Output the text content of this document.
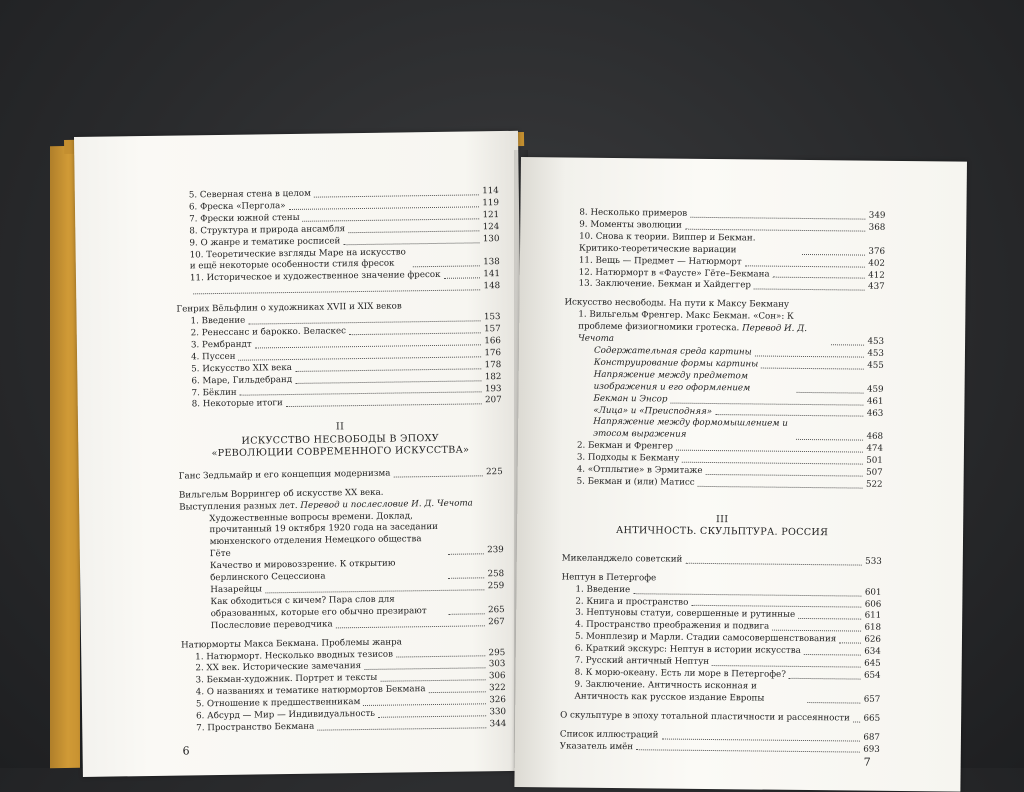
5. Северная стена в целом	114
6. Фреска «Пергола»	119
7. Фрески южной стены	121
8. Структура и природа ансамбля	124
9. О жанре и тематике росписей	130
10. Теоретические взгляды Маре на искусство и ещё некоторые особенности стиля фресок	138
11. Историческое и художественное значение фресок	141
148
Генрих Вёльфлин о художниках XVII и XIX веков
1. Введение	153
2. Ренессанс и барокко. Веласкес	157
3. Рембрандт	166
4. Пуссен	176
5. Искусство XIX века	178
6. Маре, Гильдебранд	182
7. Бёклин	193
8. Некоторые итоги	207
II
ИСКУССТВО НЕСВОБОДЫ В ЭПОХУ
«РЕВОЛЮЦИИ СОВРЕМЕННОГО ИСКУССТВА»
Ганс Зедльмайр и его концепция модернизма	225
Вильгельм Воррингер об искусстве XX века.
Выступления разных лет. Перевод и послесловие И. Д. Чечота
Художественные вопросы времени. Доклад, прочитанный 19 октября 1920 года на заседании мюнхенского отделения Немецкого общества Гёте	239
Качество и мировоззрение. К открытию берлинского Сецессиона	258
Назарейцы	259
Как обходиться с кичем? Пара слов для образованных, которые его обычно презирают	265
Послесловие переводчика	267
Натюрморты Макса Бекмана. Проблемы жанра
1. Натюрморт. Несколько вводных тезисов	295
2. XX век. Исторические замечания	303
3. Бекман-художник. Портрет и тексты	306
4. О названиях и тематике натюрмортов Бекмана	322
5. Отношение к предшественникам	326
6. Абсурд — Мир — Индивидуальность	330
7. Пространство Бекмана	344
6
8. Несколько примеров	349
9. Моменты эволюции	368
10. Снова к теории. Виппер и Бекман. Критико-теоретические вариации	376
11. Вещь — Предмет — Натюрморт	402
12. Натюрморт в «Фаусте» Гёте–Бекмана	412
13. Заключение. Бекман и Хайдеггер	437
Искусство несвободы. На пути к Максу Бекману
1. Вильгельм Френгер. Макс Бекман. «Сон»: К проблеме физиогномики гротеска. Перевод И. Д. Чечота	453
Содержательная среда картины	453
Конструирование формы картины	455
Напряжение между предметом изображения и его оформлением	459
Бекман и Энсор	461
«Лица» и «Преисподняя»	463
Напряжение между формомышлением и этосом выражения	468
2. Бекман и Френгер	474
3. Подходы к Бекману	501
4. «Отплытие» в Эрмитаже	507
5. Бекман и (или) Матисс	522
III
АНТИЧНОСТЬ. СКУЛЬПТУРА. РОССИЯ
Микеланджело советский	533
Нептун в Петергофе
1. Введение	601
2. Книга и пространство	606
3. Нептуновы статуи, совершенные и рутинные	611
4. Пространство преображения и подвига	618
5. Монплезир и Марли. Стадии самосовершенствования	626
6. Краткий экскурс: Нептун в истории искусства	634
7. Русский античный Нептун	645
8. К морю-океану. Есть ли море в Петергофе?	654
9. Заключение. Античность исконная и Античность как русское издание Европы	657
О скульптуре в эпоху тотальной пластичности и рассеянности 665
Список иллюстраций	687
Указатель имён	693
7
